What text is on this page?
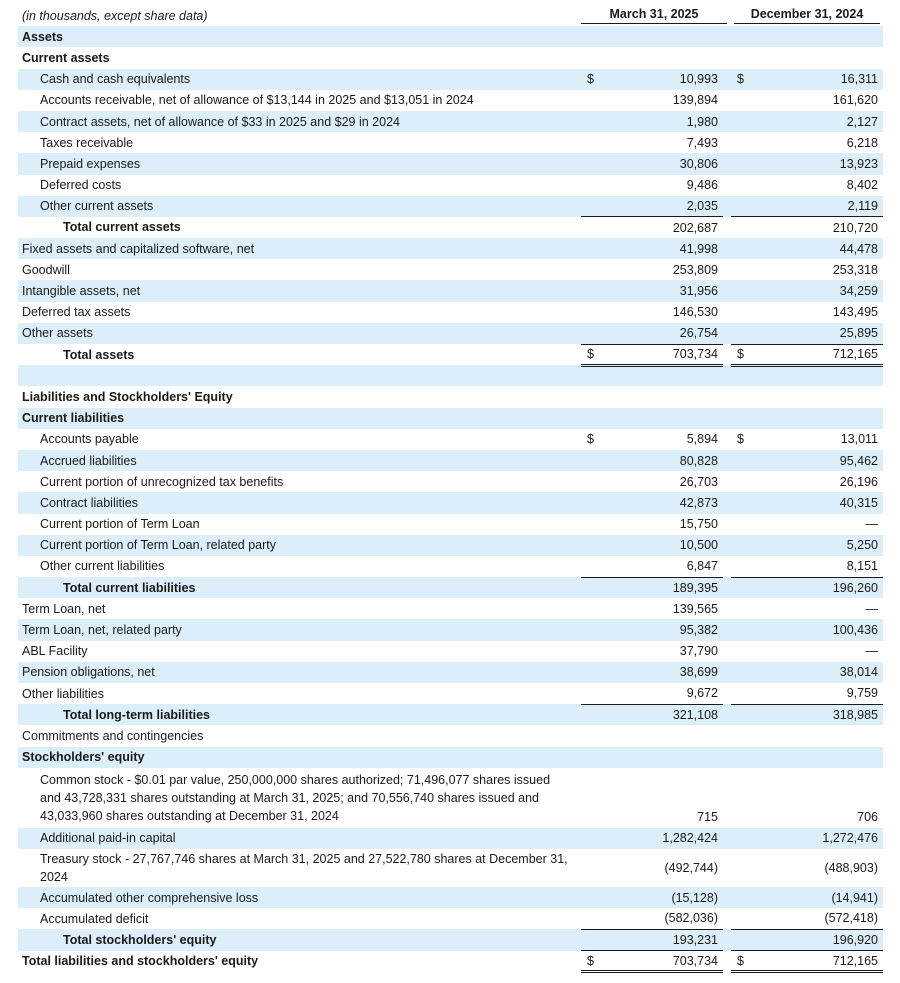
(in thousands, except share data)		March 31, 2025			December 31, 2024	
Assets						
Current assets						
Cash and cash equivalents		$	10,993		$	16,311
Accounts receivable, net of allowance of $13,144 in 2025 and $13,051 in 2024			139,894			161,620
Contract assets, net of allowance of $33 in 2025 and $29 in 2024			1,980			2,127
Taxes receivable			7,493			6,218
Prepaid expenses			30,806			13,923
Deferred costs			9,486			8,402
Other current assets			2,035			2,119
Total current assets			202,687			210,720
Fixed assets and capitalized software, net			41,998			44,478
Goodwill			253,809			253,318
Intangible assets, net			31,956			34,259
Deferred tax assets			146,530			143,495
Other assets			26,754			25,895
Total assets		$	703,734		$	712,165

Liabilities and Stockholders' Equity						
Current liabilities						
Accounts payable		$	5,894		$	13,011
Accrued liabilities			80,828			95,462
Current portion of unrecognized tax benefits			26,703			26,196
Contract liabilities			42,873			40,315
Current portion of Term Loan			15,750			—
Current portion of Term Loan, related party			10,500			5,250
Other current liabilities			6,847			8,151
Total current liabilities			189,395			196,260
Term Loan, net			139,565			—
Term Loan, net, related party			95,382			100,436
ABL Facility			37,790			—
Pension obligations, net			38,699			38,014
Other liabilities			9,672			9,759
Total long-term liabilities			321,108			318,985
Commitments and contingencies						
Stockholders' equity						
Common stock - $0.01 par value, 250,000,000 shares authorized; 71,496,077 shares issued and 43,728,331 shares outstanding at March 31, 2025; and 70,556,740 shares issued and 43,033,960 shares outstanding at December 31, 2024			715			706
Additional paid-in capital			1,282,424			1,272,476
Treasury stock - 27,767,746 shares at March 31, 2025 and 27,522,780 shares at December 31, 2024			(492,744)			(488,903)
Accumulated other comprehensive loss			(15,128)			(14,941)
Accumulated deficit			(582,036)			(572,418)
Total stockholders' equity			193,231			196,920
Total liabilities and stockholders' equity		$	703,734		$	712,165
